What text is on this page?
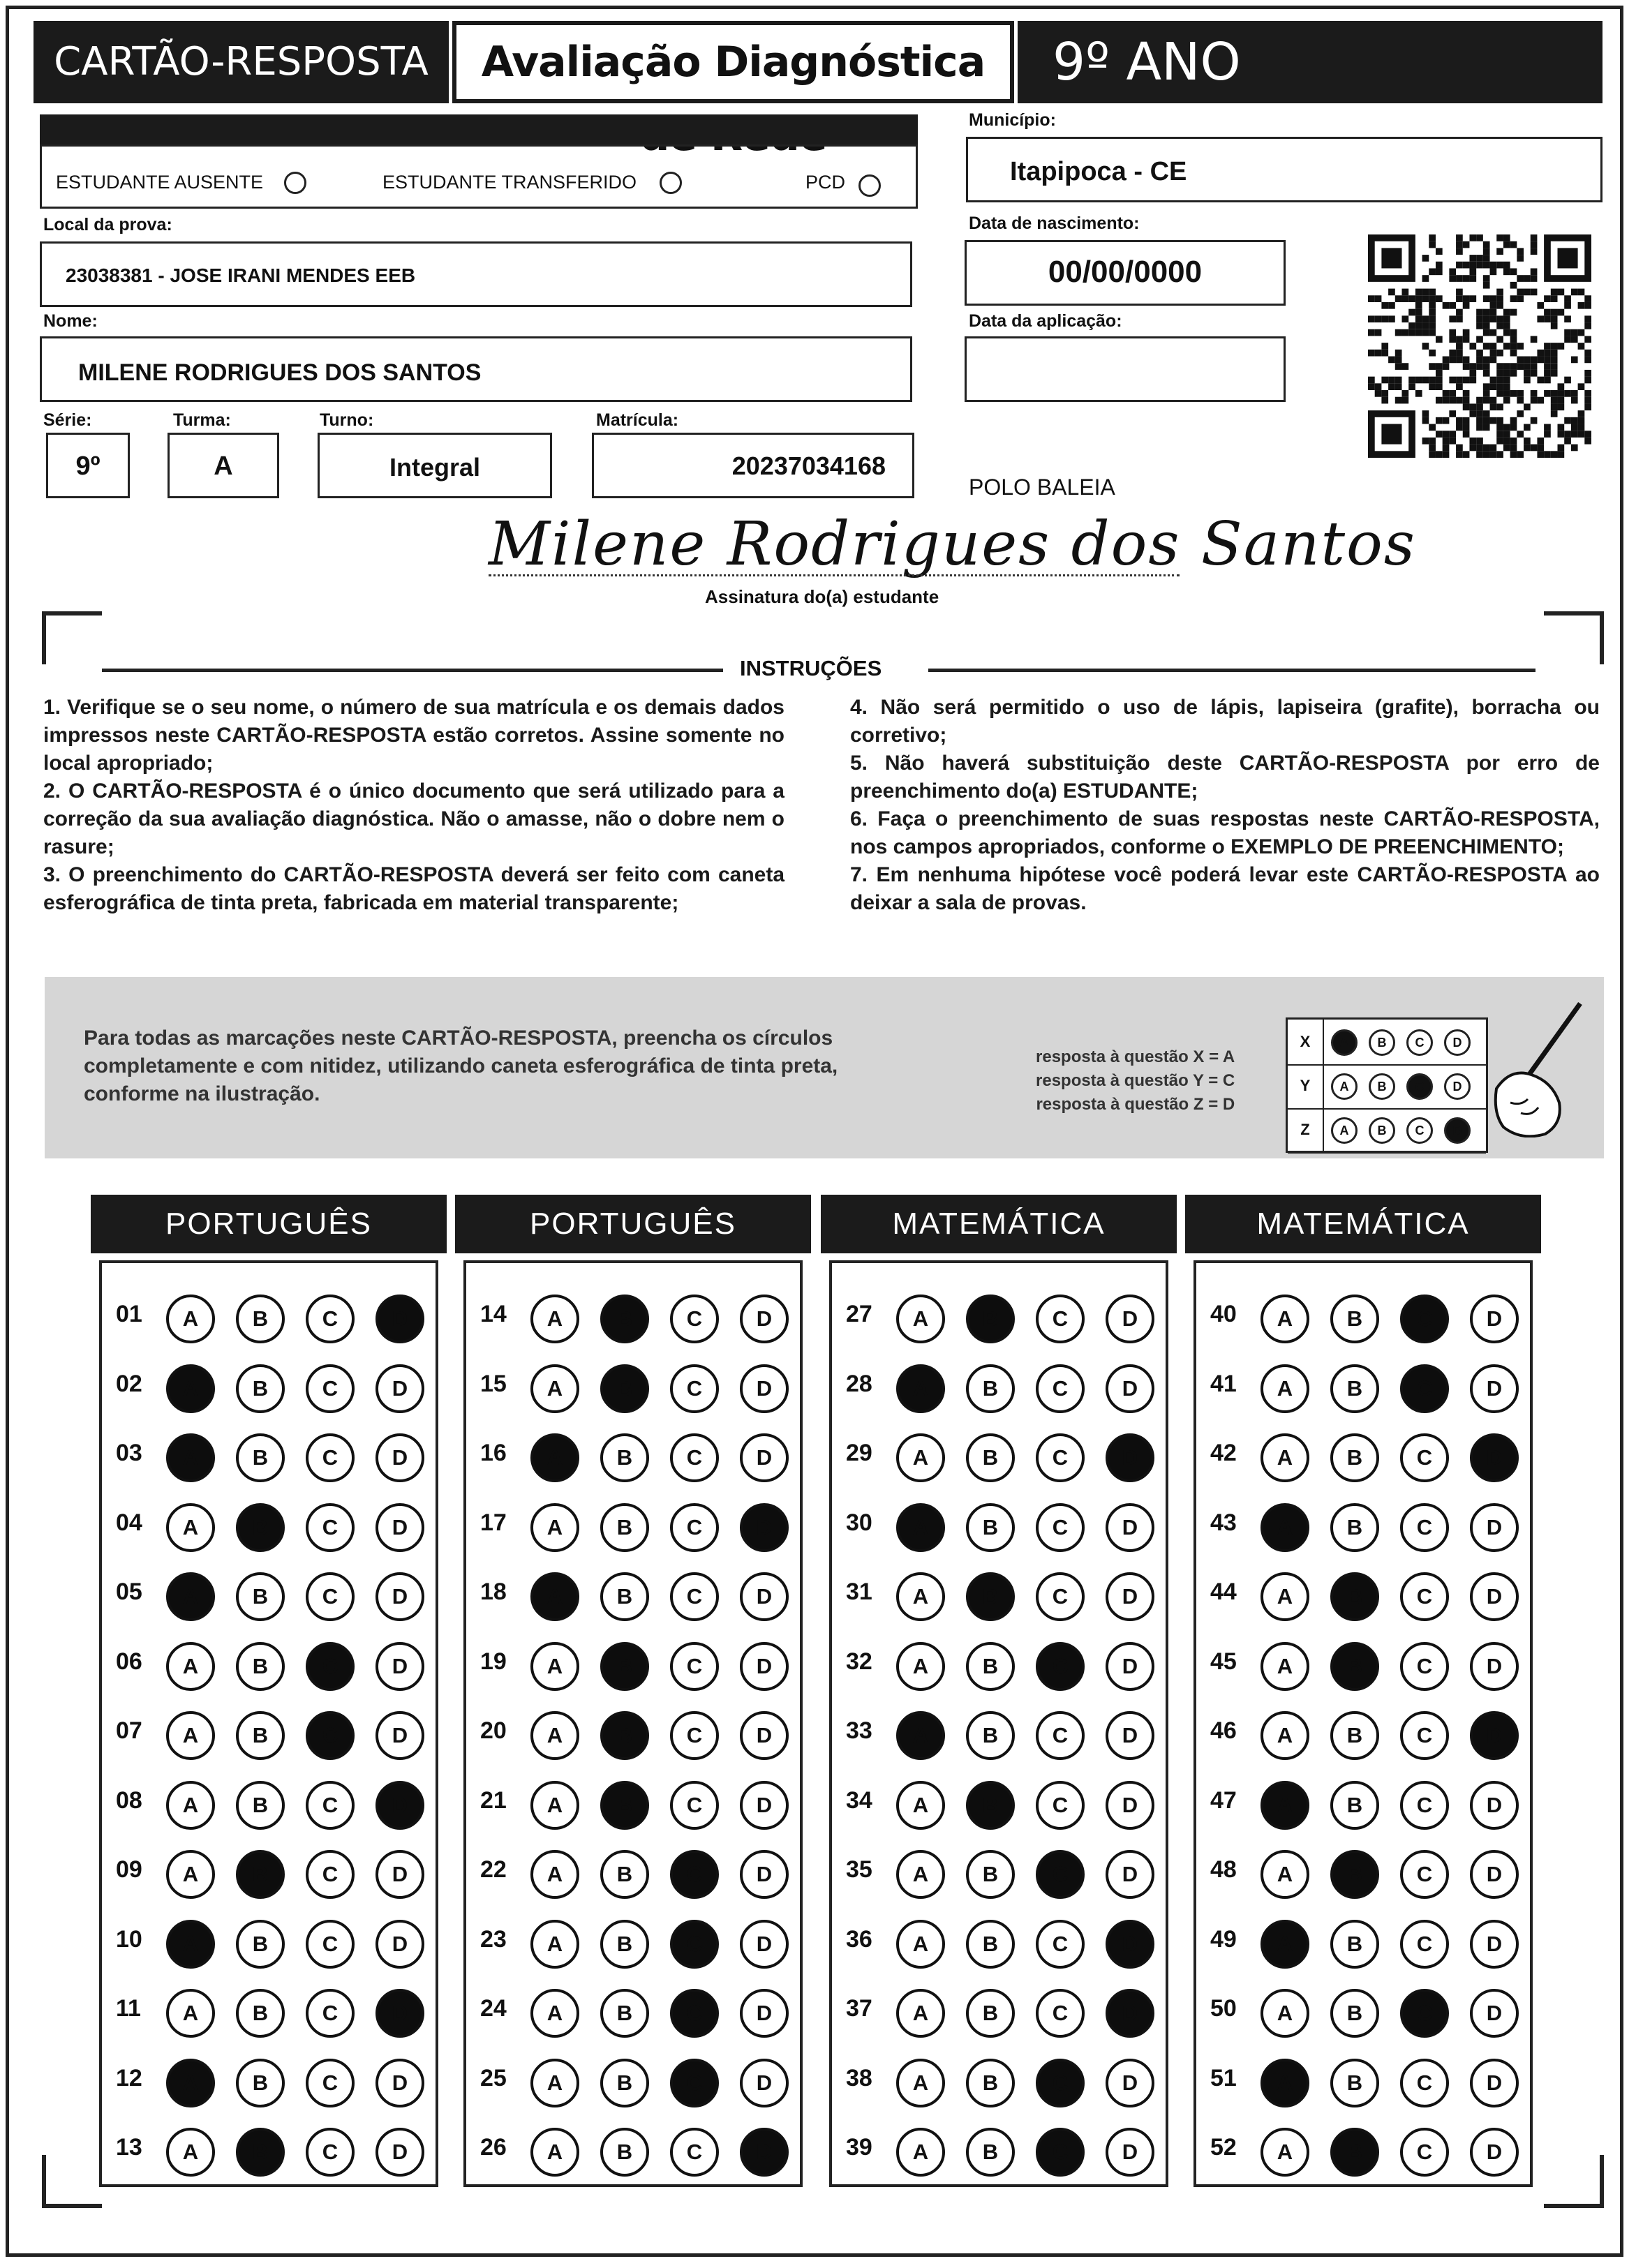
CARTÃO-RESPOSTA	Avaliação Diagnóstica	9º ANO
ESTUDANTE AUSENTE	ESTUDANTE TRANSFERIDO	PCD
Local da prova:
23038381 - JOSE IRANI MENDES EEB
Nome:
MILENE RODRIGUES DOS SANTOS
Série:
9º
Turma:
A
Turno:
Integral
Matrícula:
20237034168
Município:
Itapipoca - CE
Data de nascimento:
00/00/0000
Data da aplicação:
POLO BALEIA
Milene Rodrigues dos Santos
Assinatura do(a) estudante
INSTRUÇÕES

1. Verifique se o seu nome, o número de sua matrícula e os demais dados impressos neste CARTÃO-RESPOSTA estão corretos. Assine somente no local apropriado;

2. O CARTÃO-RESPOSTA é o único documento que será utilizado para a correção da sua avaliação diagnóstica. Não o amasse, não o dobre nem o rasure;

3. O preenchimento do CARTÃO-RESPOSTA deverá ser feito com caneta esferográfica de tinta preta, fabricada em material transparente;

4. Não será permitido o uso de lápis, lapiseira (grafite), borracha ou corretivo;

5. Não haverá substituição deste CARTÃO-RESPOSTA por erro de preenchimento do(a) ESTUDANTE;

6. Faça o preenchimento de suas respostas neste CARTÃO-RESPOSTA, nos campos apropriados, conforme o EXEMPLO DE PREENCHIMENTO;

7. Em nenhuma hipótese você poderá levar este CARTÃO-RESPOSTA ao deixar a sala de provas.

Para todas as marcações neste CARTÃO-RESPOSTA, preencha os círculos completamente e com nitidez, utilizando caneta esferográfica de tinta preta, conforme na ilustração.
resposta à questão X = A
resposta à questão Y = C
resposta à questão Z = D
X	A	B	C	D
Y	A	B	C	D
Z	A	B	C	D
PORTUGUÊS
01	A	B	C	D
02	A	B	C	D
03	A	B	C	D
04	A	B	C	D
05	A	B	C	D
06	A	B	C	D
07	A	B	C	D
08	A	B	C	D
09	A	B	C	D
10	A	B	C	D
11	A	B	C	D
12	A	B	C	D
13	A	B	C	D
PORTUGUÊS
14	A	B	C	D
15	A	B	C	D
16	A	B	C	D
17	A	B	C	D
18	A	B	C	D
19	A	B	C	D
20	A	B	C	D
21	A	B	C	D
22	A	B	C	D
23	A	B	C	D
24	A	B	C	D
25	A	B	C	D
26	A	B	C	D
MATEMÁTICA
27	A	B	C	D
28	A	B	C	D
29	A	B	C	D
30	A	B	C	D
31	A	B	C	D
32	A	B	C	D
33	A	B	C	D
34	A	B	C	D
35	A	B	C	D
36	A	B	C	D
37	A	B	C	D
38	A	B	C	D
39	A	B	C	D
MATEMÁTICA
40	A	B	C	D
41	A	B	C	D
42	A	B	C	D
43	A	B	C	D
44	A	B	C	D
45	A	B	C	D
46	A	B	C	D
47	A	B	C	D
48	A	B	C	D
49	A	B	C	D
50	A	B	C	D
51	A	B	C	D
52	A	B	C	D
